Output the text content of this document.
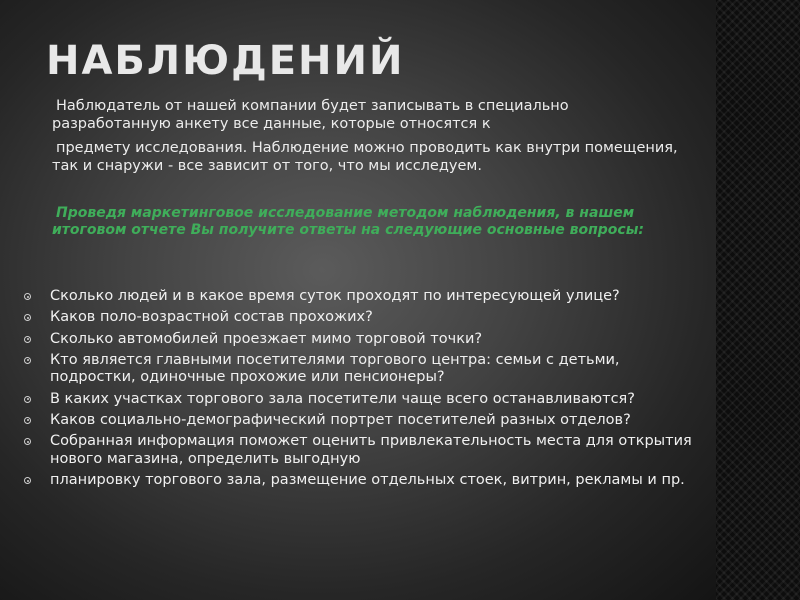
НАБЛЮДЕНИЙ
Наблюдатель от нашей компании будет записывать в специально разработанную анкету все данные, которые относятся к
предмету исследования. Наблюдение можно проводить как внутри помещения, так и снаружи - все зависит от того, что мы исследуем.
Проведя маркетинговое исследование методом наблюдения, в нашем итоговом отчете Вы получите ответы на следующие основные вопросы:
Сколько людей и в какое время суток проходят по интересующей улице?
Каков поло-возрастной состав прохожих?
Сколько автомобилей проезжает мимо торговой точки?
Кто является главными посетителями торгового центра: семьи с детьми, подростки, одиночные прохожие или пенсионеры?
В каких участках торгового зала посетители чаще всего останавливаются?
Каков социально-демографический портрет посетителей разных отделов?
Собранная информация поможет оценить привлекательность места для открытия нового магазина, определить выгодную
планировку торгового зала, размещение отдельных стоек, витрин, рекламы и пр.
